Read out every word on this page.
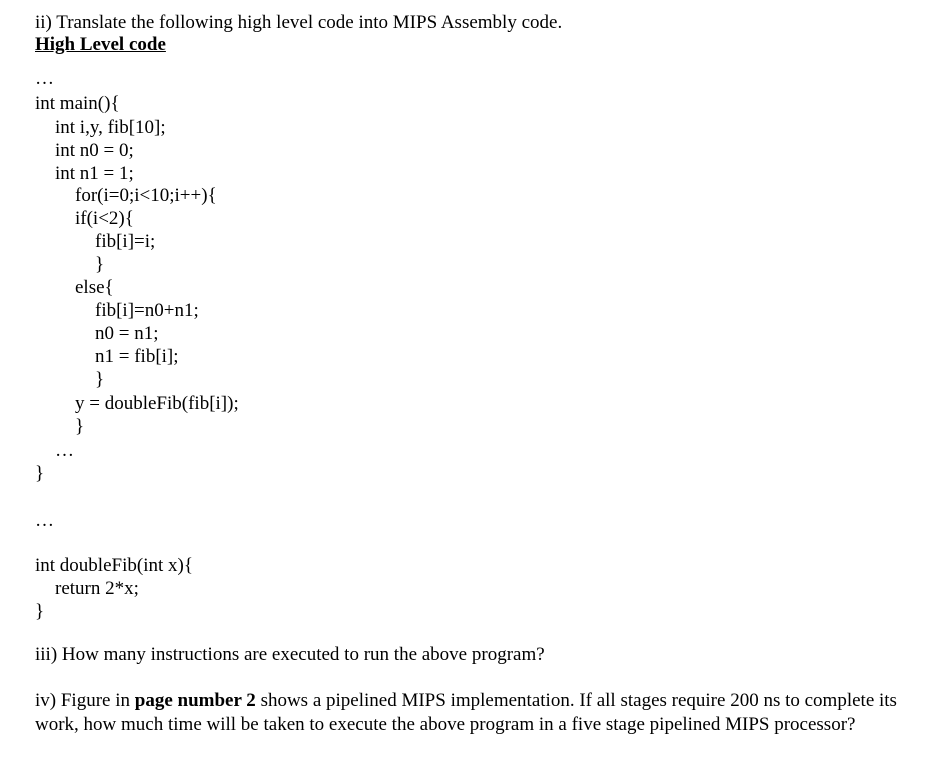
ii) Translate the following high level code into MIPS Assembly code.
High Level code
…
int main(){
int i,y, fib[10];
int n0 = 0;
int n1 = 1;
for(i=0;i<10;i++){
if(i<2){
fib[i]=i;
}
else{
fib[i]=n0+n1;
n0 = n1;
n1 = fib[i];
}
y = doubleFib(fib[i]);
}
…
}
…
int doubleFib(int x){
return 2*x;
}
iii) How many instructions are executed to run the above program?
iv) Figure in page number 2 shows a pipelined MIPS implementation. If all stages require 200 ns to complete its work, how much time will be taken to execute the above program in a five stage pipelined MIPS processor?
